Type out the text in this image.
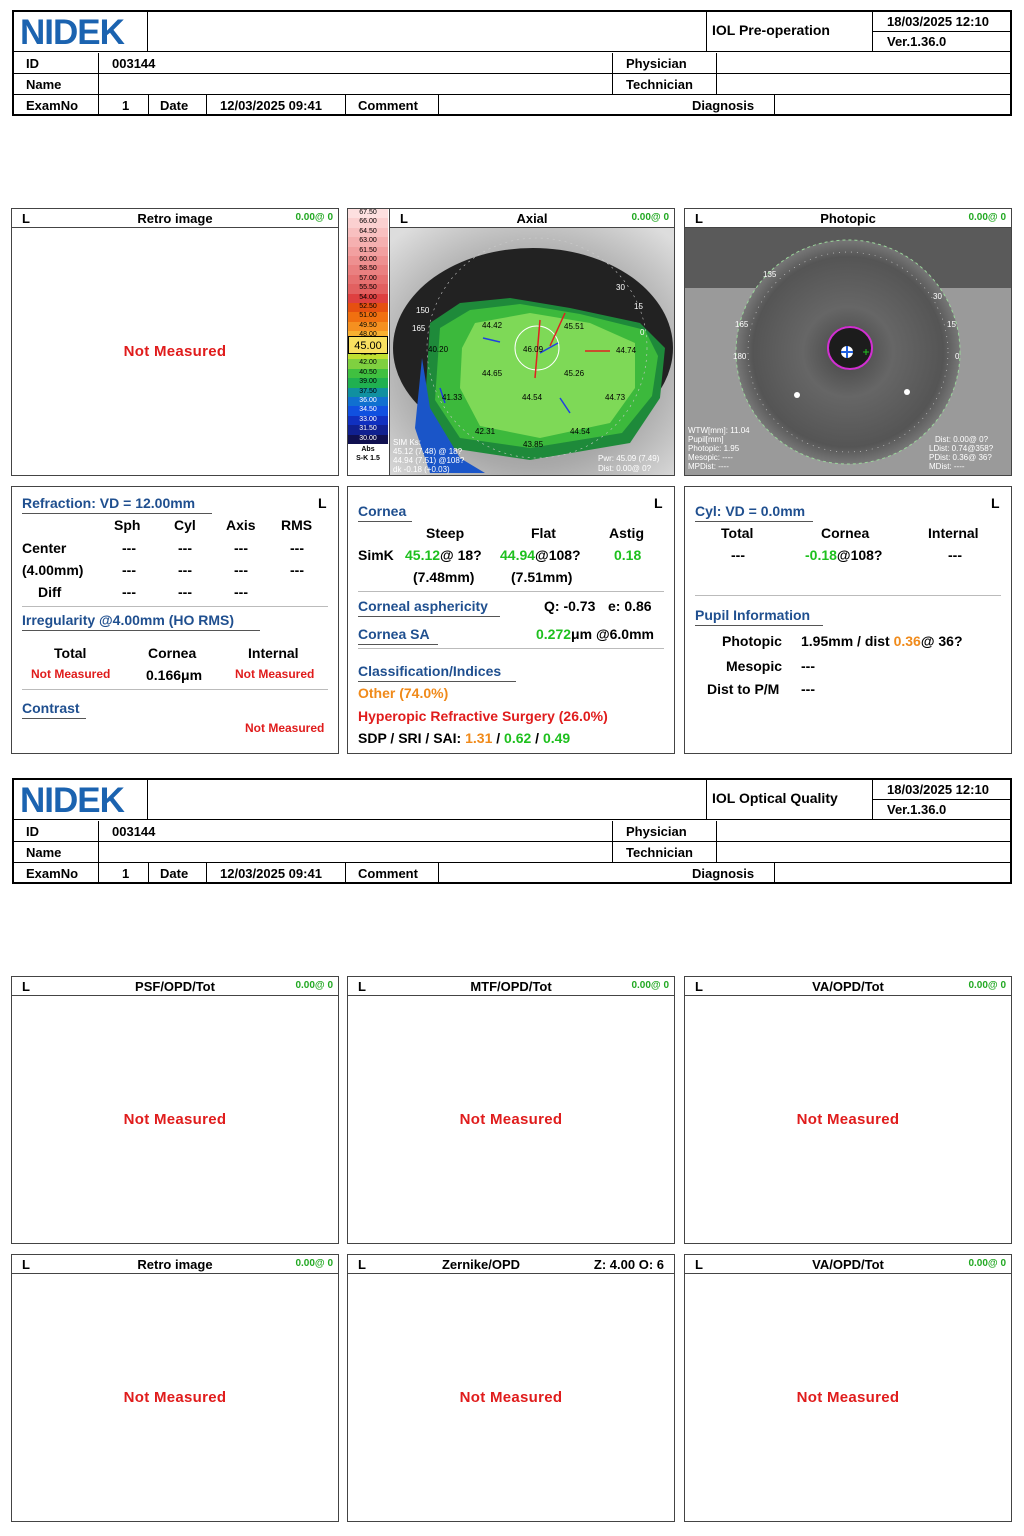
NIDEK	IOL Pre-operation
18/03/2025 12:10
Ver.1.36.0
ID	003144	Physician
Name	Technician
ExamNo	1	Date	12/03/2025 09:41	Comment	Diagnosis
L	Retro image	0.00@ 0
Not Measured
67.50
66.00
64.50
63.00
61.50
60.00
58.50
57.00
55.50
54.00
52.50
51.00
49.50
45.00
42.00
40.50
39.00
37.50
36.00
34.50
33.00
31.50
30.00
Abs
S-K 1.5
L	Axial	0.00@ 0
44.42	45.51
40.20	46.09	44.74
44.65	45.26
41.33	44.54	44.73
42.31	44.54
43.85
30
15
0
150
165
SIM Ks:
45.12 (7.48) @ 18?
44.94 (7.51) @108?
dk -0.18 (+0.03)
Pwr: 45.09 (7.49)
Dist: 0.00@ 0?
L	Photopic	0.00@ 0
135
30
165	15
180	0
WTW[mm]: 11.04
Pupil[mm]
Photopic: 1.95
Mesopic: ----
MPDist: ----
Dist: 0.00@ 0?
LDist: 0.74@358?
PDist: 0.36@ 36?
MDist: ----
Refraction: VD = 12.00mm	L
Sph Cyl Axis RMS
Center	---	---	---	---
(4.00mm)	---	---	---	---
Diff	---	---	---
Irregularity @4.00mm (HO RMS)
Total	Cornea	Internal
Not Measured	0.166μm	Not Measured
Contrast
Not Measured
Cornea	L
Steep	Flat	Astig
SimK 45.12@ 18? 44.94@108? 0.18
(7.48mm)	(7.51mm)
Corneal asphericity	Q: -0.73 e: 0.86
Cornea SA	0.272μm @6.0mm
Classification/Indices
Other (74.0%)
Hyperopic Refractive Surgery (26.0%)
SDP / SRI / SAI: 1.31 / 0.62 / 0.49
Cyl: VD = 0.0mm	L
Total	Cornea	Internal
---	-0.18@108?	---
Pupil Information
Photopic 1.95mm / dist 0.36@ 36?
Mesopic ---
Dist to P/M ---
NIDEK	IOL Optical Quality
18/03/2025 12:10
Ver.1.36.0
ID	003144	Physician
Name	Technician
ExamNo	1	Date	12/03/2025 09:41	Comment	Diagnosis
L	PSF/OPD/Tot	0.00@ 0
Not Measured
L	MTF/OPD/Tot	0.00@ 0
Not Measured
L	VA/OPD/Tot	0.00@ 0
Not Measured
L	Retro image	0.00@ 0
Not Measured
L	Zernike/OPD	Z: 4.00 O: 6
Not Measured
L	VA/OPD/Tot	0.00@ 0
Not Measured
